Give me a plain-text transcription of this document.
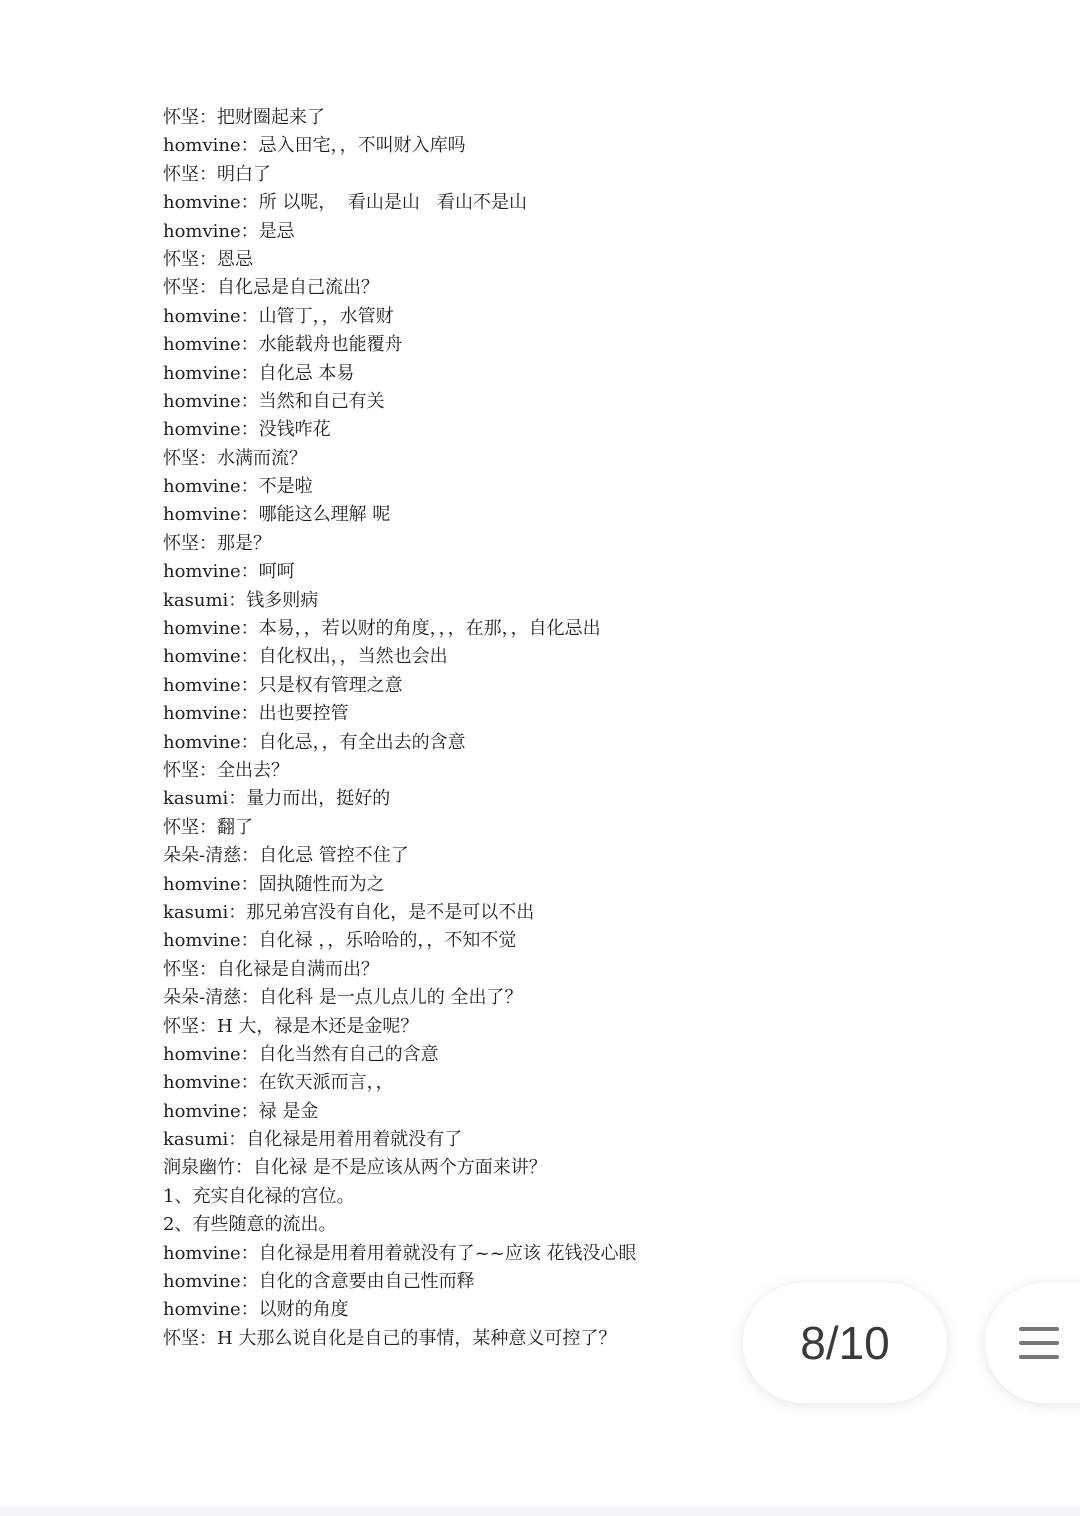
怀坚：把财圈起来了
homvine：忌入田宅，，不叫财入库吗
怀坚：明白了
homvine：所 以呢，  看山是山   看山不是山
homvine：是忌
怀坚：恩忌
怀坚：自化忌是自己流出？
homvine：山管丁，，水管财
homvine：水能载舟也能覆舟
homvine：自化忌 本易
homvine：当然和自己有关
homvine：没钱咋花
怀坚：水满而流？
homvine：不是啦
homvine：哪能这么理解 呢
怀坚：那是？
homvine：呵呵
kasumi：钱多则病
homvine：本易，，若以财的角度，，，在那，，自化忌出
homvine：自化权出，，当然也会出
homvine：只是权有管理之意
homvine：出也要控管
homvine：自化忌，，有全出去的含意
怀坚：全出去？
kasumi：量力而出，挺好的
怀坚：翻了
朵朵-清慈：自化忌 管控不住了
homvine：固执随性而为之
kasumi：那兄弟宫没有自化，是不是可以不出
homvine：自化禄 ，，乐哈哈的，，不知不觉
怀坚：自化禄是自满而出？
朵朵-清慈：自化科 是一点儿点儿的 全出了？
怀坚：H 大，禄是木还是金呢？
homvine：自化当然有自己的含意
homvine：在钦天派而言，，
homvine：禄 是金
kasumi：自化禄是用着用着就没有了
涧泉幽竹：自化禄 是不是应该从两个方面来讲？
1、充实自化禄的宫位。
2、有些随意的流出。
homvine：自化禄是用着用着就没有了~~应该 花钱没心眼
homvine：自化的含意要由自己性而释
homvine：以财的角度
怀坚：H 大那么说自化是自己的事情，某种意义可控了？	8/10
